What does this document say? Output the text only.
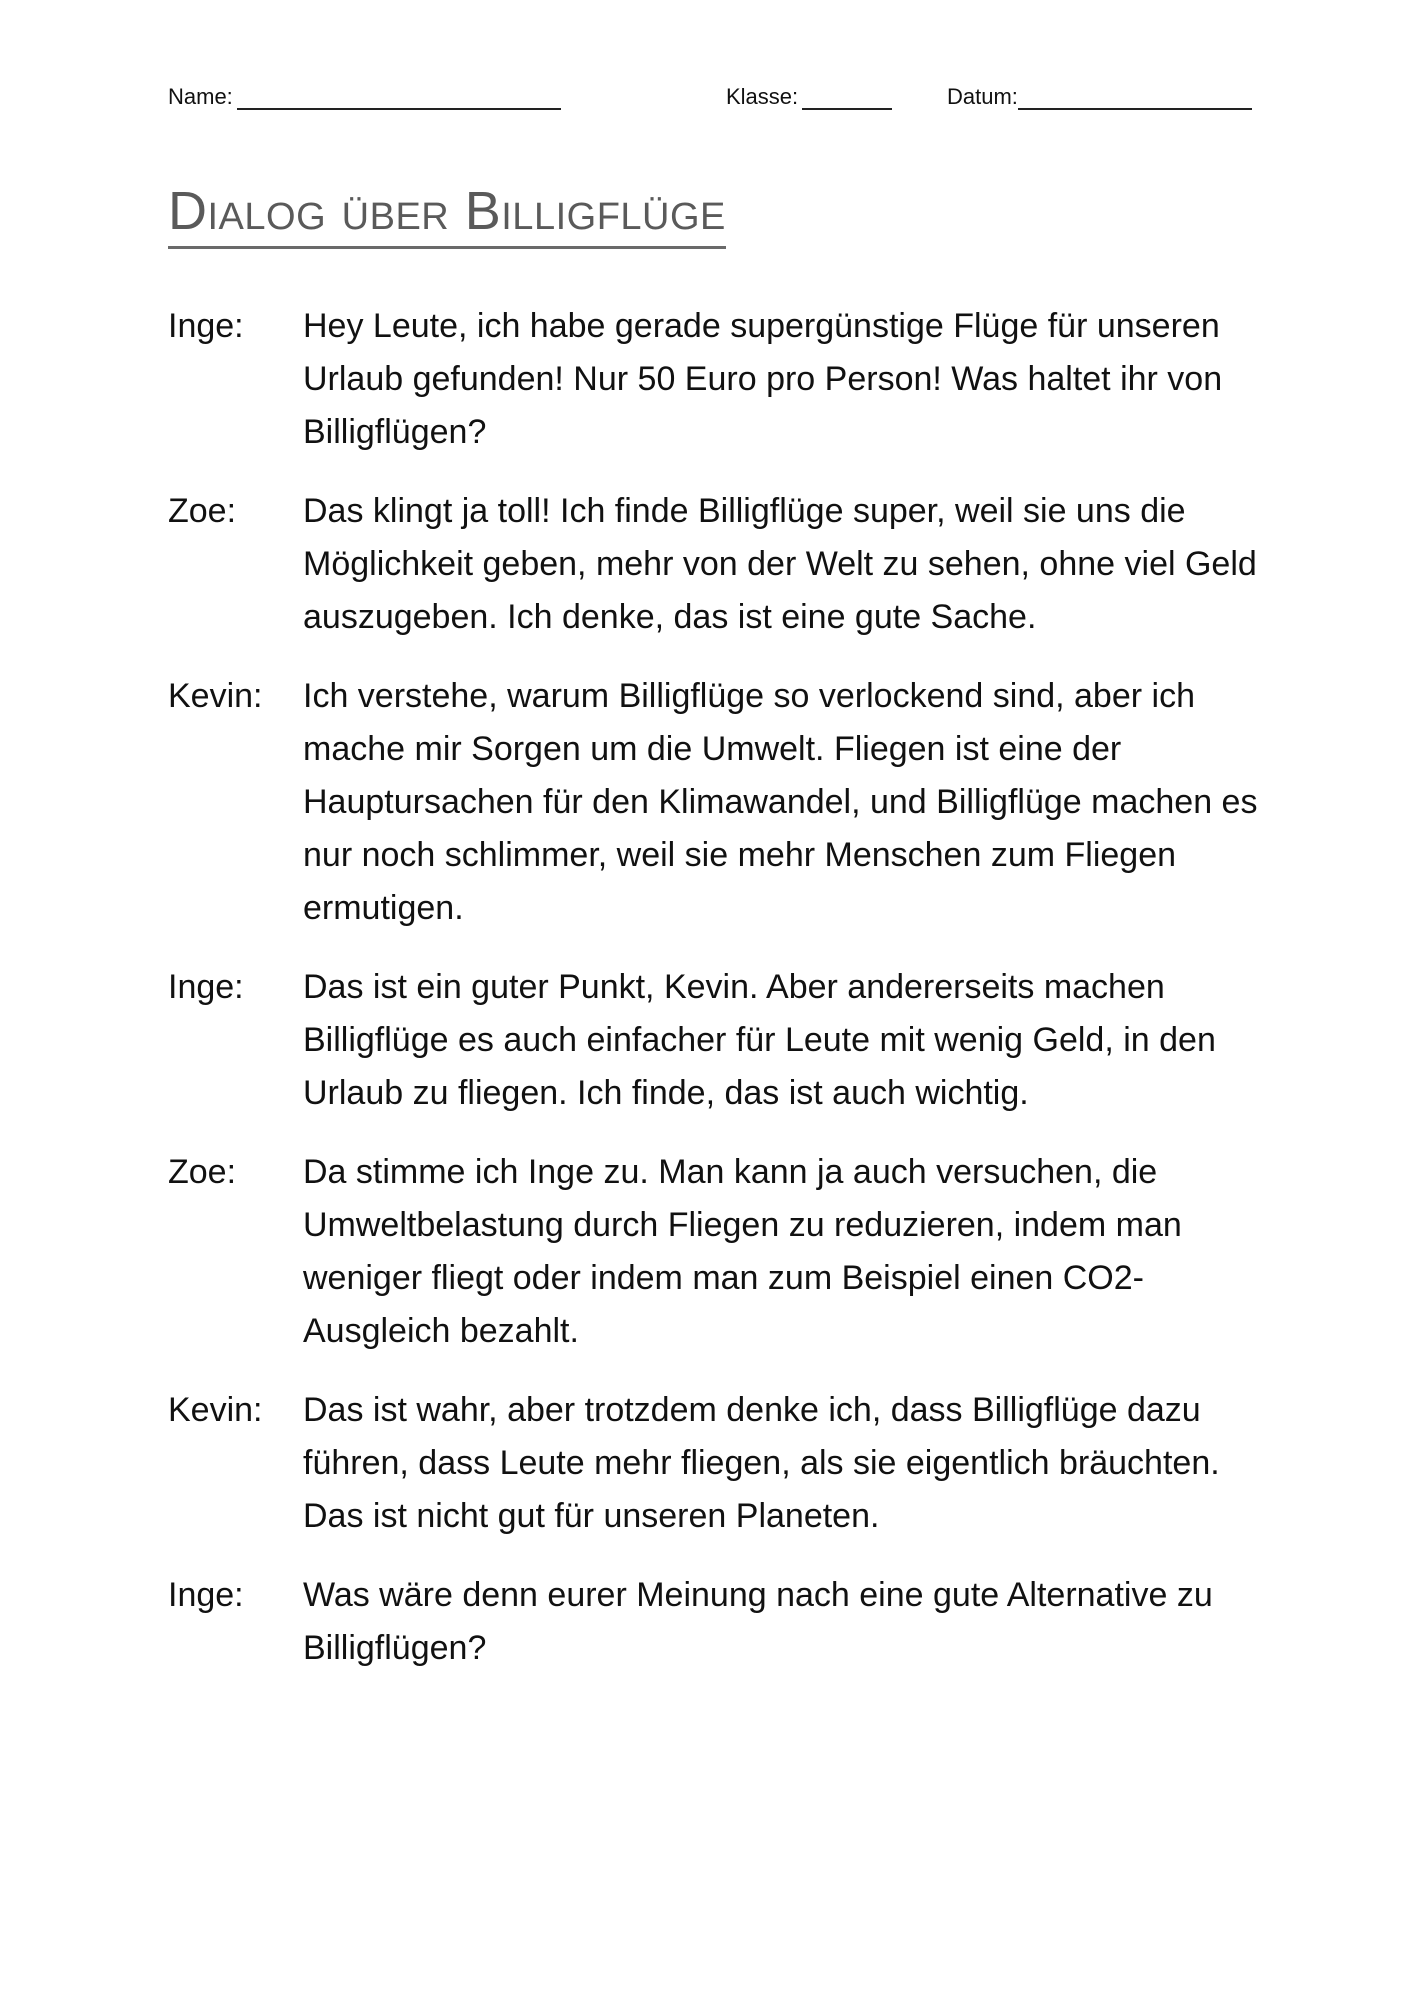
Name:	Klasse:	Datum:
Dialog über Billigflüge
Inge:	Hey Leute, ich habe gerade supergünstige Flüge für unseren Urlaub gefunden! Nur 50 Euro pro Person! Was haltet ihr von Billigflügen?
Zoe:	Das klingt ja toll! Ich finde Billigflüge super, weil sie uns die Möglichkeit geben, mehr von der Welt zu sehen, ohne viel Geld auszugeben. Ich denke, das ist eine gute Sache.
Kevin:	Ich verstehe, warum Billigflüge so verlockend sind, aber ich mache mir Sorgen um die Umwelt. Fliegen ist eine der Hauptursachen für den Klimawandel, und Billigflüge machen es nur noch schlimmer, weil sie mehr Menschen zum Fliegen ermutigen.
Inge:	Das ist ein guter Punkt, Kevin. Aber andererseits machen Billigflüge es auch einfacher für Leute mit wenig Geld, in den Urlaub zu fliegen. Ich finde, das ist auch wichtig.
Zoe:	Da stimme ich Inge zu. Man kann ja auch versuchen, die Umweltbelastung durch Fliegen zu reduzieren, indem man weniger fliegt oder indem man zum Beispiel einen CO2-Ausgleich bezahlt.
Kevin:	Das ist wahr, aber trotzdem denke ich, dass Billigflüge dazu führen, dass Leute mehr fliegen, als sie eigentlich bräuchten. Das ist nicht gut für unseren Planeten.
Inge:	Was wäre denn eurer Meinung nach eine gute Alternative zu Billigflügen?
